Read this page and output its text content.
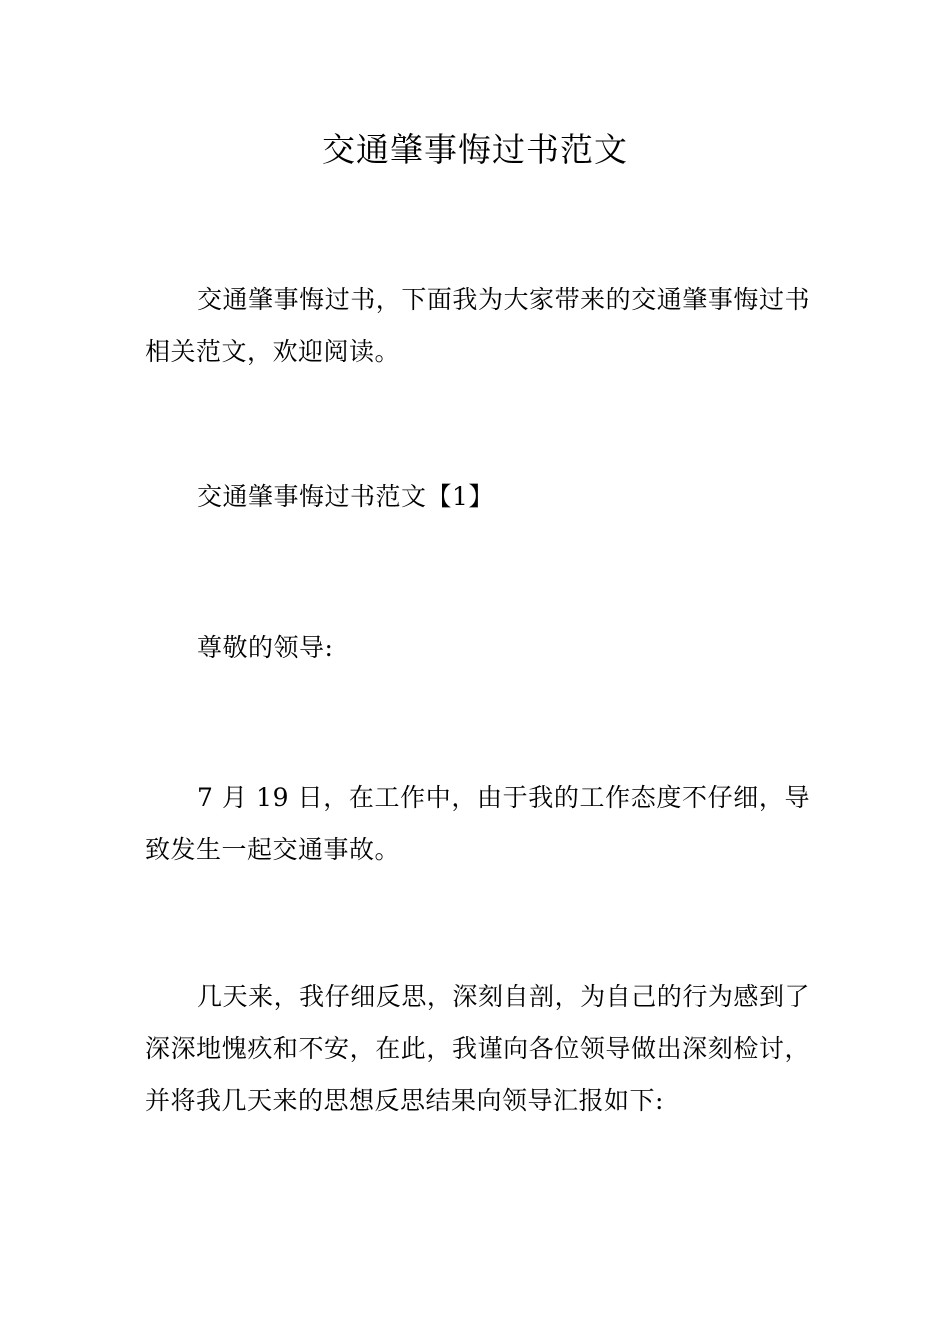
交通肇事悔过书范文

交通肇事悔过书，下面我为大家带来的交通肇事悔过书相关范文，欢迎阅读。

交通肇事悔过书范文【1】

尊敬的领导:

7 月 19 日，在工作中，由于我的工作态度不仔细，导致发生一起交通事故。

几天来，我仔细反思，深刻自剖，为自己的行为感到了深深地愧疚和不安，在此，我谨向各位领导做出深刻检讨，并将我几天来的思想反思结果向领导汇报如下:
